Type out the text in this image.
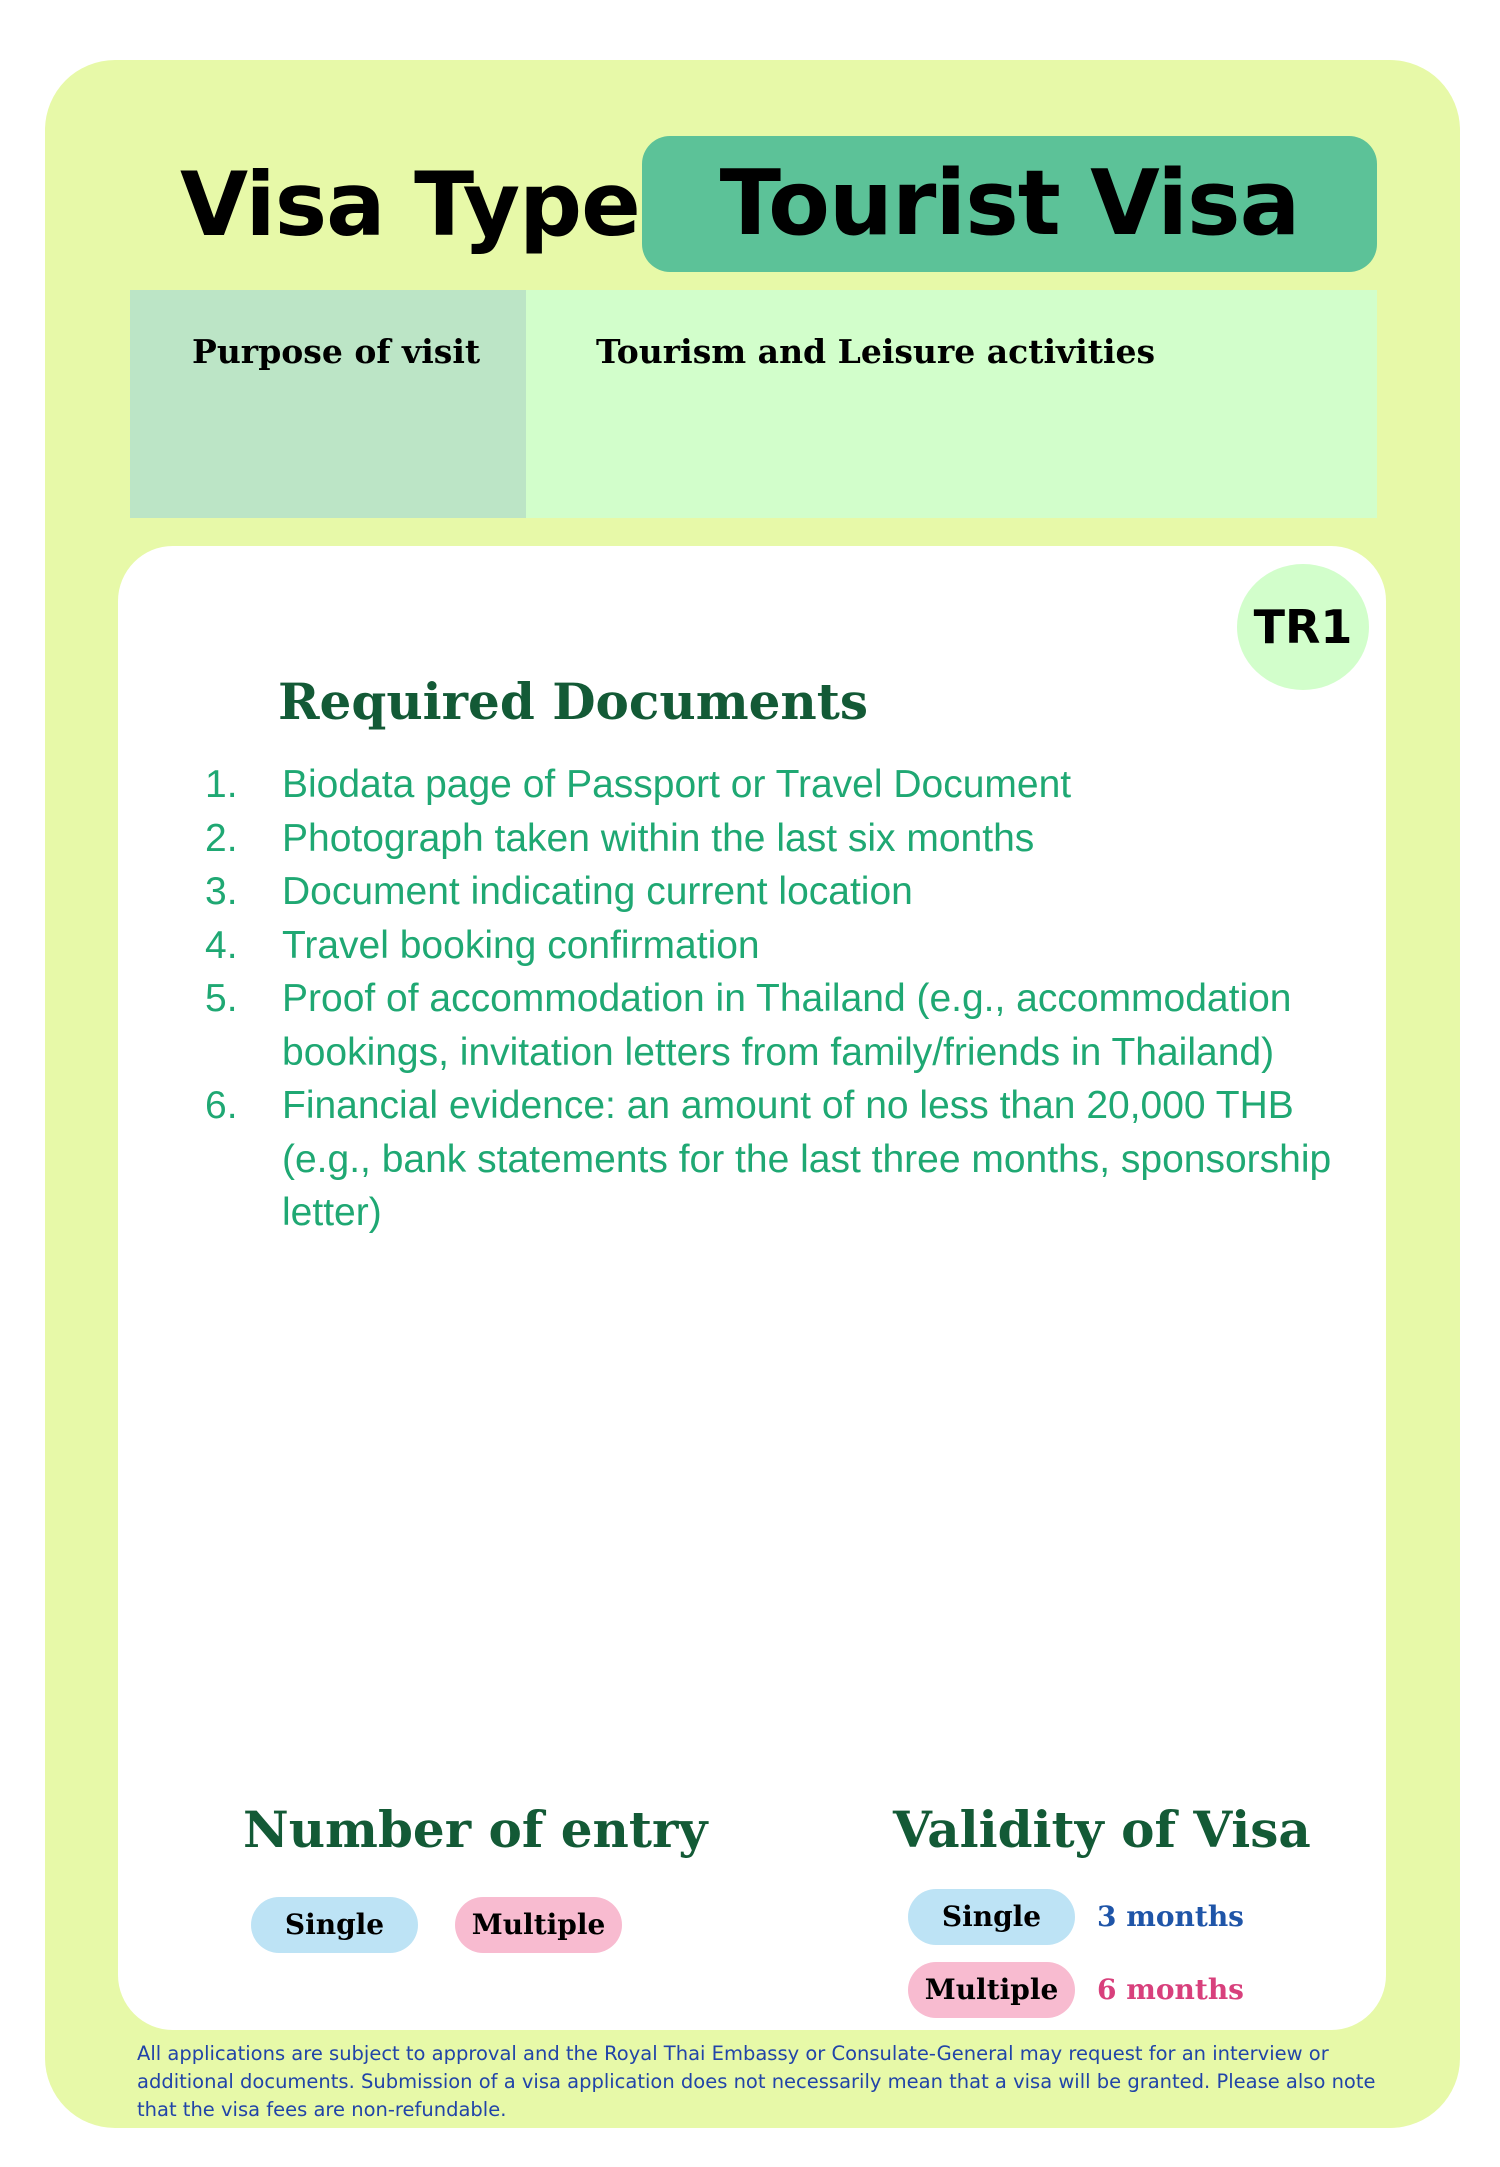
Visa Type Tourist Visa
Purpose of visit	Tourism and Leisure activities
TR1
Required Documents
1. Biodata page of Passport or Travel Document
2. Photograph taken within the last six months
3. Document indicating current location
4. Travel booking confirmation
5. Proof of accommodation in Thailand (e.g., accommodation bookings, invitation letters from family/friends in Thailand)
6. Financial evidence: an amount of no less than 20,000 THB (e.g., bank statements for the last three months, sponsorship letter)
Number of entry
Single	Multiple
Validity of Visa
Single	3 months
Multiple	6 months
All applications are subject to approval and the Royal Thai Embassy or Consulate-General may request for an interview or additional documents. Submission of a visa application does not necessarily mean that a visa will be granted. Please also note that the visa fees are non-refundable.
